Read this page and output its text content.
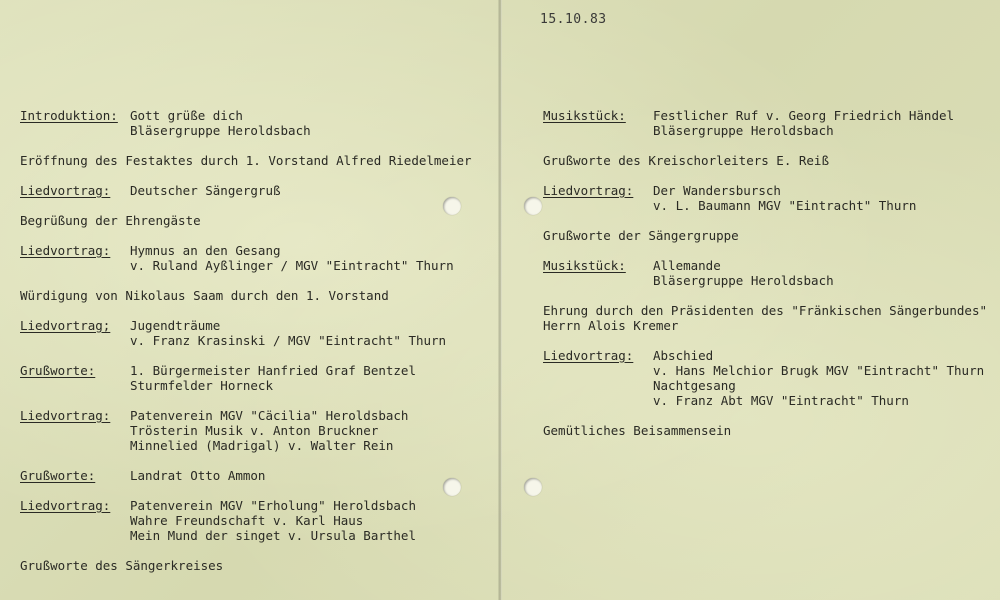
15.10.83
Introduktion: Gott grüße dich
Bläsergruppe Heroldsbach
Eröffnung des Festaktes durch 1. Vorstand Alfred Riedelmeier
Liedvortrag:	Deutscher Sängergruß
Begrüßung der Ehrengäste
Liedvortrag:	Hymnus an den Gesang
v. Ruland Ayßlinger / MGV "Eintracht" Thurn
Würdigung von Nikolaus Saam durch den 1. Vorstand
Liedvortrag;	Jugendträume
v. Franz Krasinski / MGV "Eintracht" Thurn
Grußworte:	1. Bürgermeister Hanfried Graf Bentzel
Sturmfelder Horneck
Liedvortrag:	Patenverein MGV "Cäcilia" Heroldsbach
Trösterin Musik v. Anton Bruckner
Minnelied (Madrigal) v. Walter Rein
Grußworte:	Landrat Otto Ammon
Liedvortrag:	Patenverein MGV "Erholung" Heroldsbach
Wahre Freundschaft v. Karl Haus
Mein Mund der singet v. Ursula Barthel
Grußworte des Sängerkreises
Musikstück:	Festlicher Ruf v. Georg Friedrich Händel
Bläsergruppe Heroldsbach
Grußworte des Kreischorleiters E. Reiß
Liedvortrag:	Der Wandersbursch
v. L. Baumann MGV "Eintracht" Thurn
Grußworte der Sängergruppe
Musikstück:	Allemande
Bläsergruppe Heroldsbach
Ehrung durch den Präsidenten des "Fränkischen Sängerbundes"
Herrn Alois Kremer
Liedvortrag:	Abschied
v. Hans Melchior Brugk MGV "Eintracht" Thurn
Nachtgesang
v. Franz Abt MGV "Eintracht" Thurn
Gemütliches Beisammensein
